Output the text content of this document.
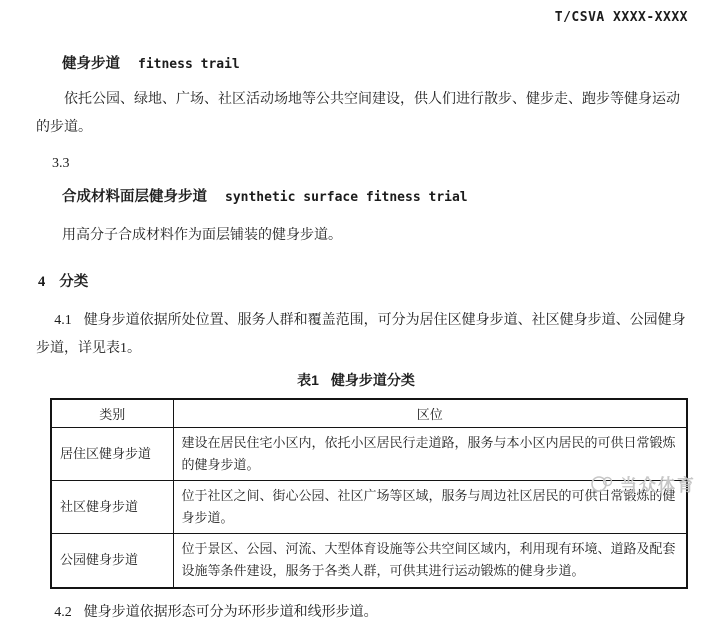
T/CSVA XXXX-XXXX
健身步道 fitness trail

依托公园、绿地、广场、社区活动场地等公共空间建设，供人们进行散步、健步走、跑步等健身运动的步道。

3.3
合成材料面层健身步道 synthetic surface fitness trial
用高分子合成材料作为面层铺装的健身步道。
4 分类

4.1 健身步道依据所处位置、服务人群和覆盖范围，可分为居住区健身步道、社区健身步道、公园健身步道，详见表1。

表1 健身步道分类
类别	区位
居住区健身步道	建设在居民住宅小区内，依托小区居民行走道路，服务与本小区内居民的可供日常锻炼的健身步道。
社区健身步道	位于社区之间、街心公园、社区广场等区域，服务与周边社区居民的可供日常锻炼的健身步道。
公园健身步道	位于景区、公园、河流、大型体育设施等公共空间区域内，利用现有环境、道路及配套设施等条件建设，服务于各类人群，可供其进行运动锻炼的健身步道。

4.2 健身步道依据形态可分为环形步道和线形步道。

当众体育
